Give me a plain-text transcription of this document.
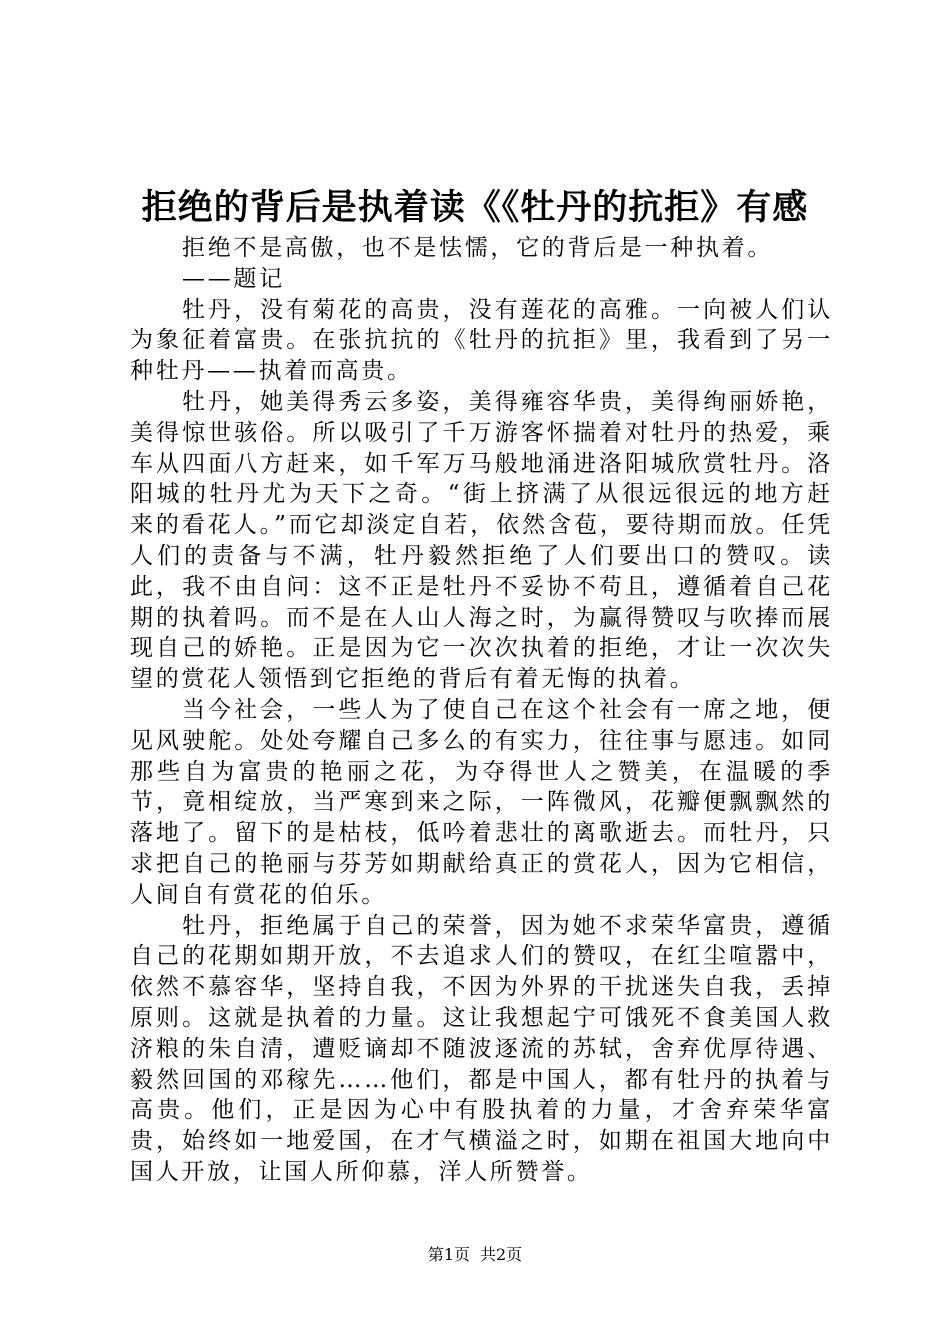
拒绝的背后是执着读《《牡丹的抗拒》有感

拒绝不是高傲，也不是怯懦，它的背后是一种执着。

——题记

牡丹，没有菊花的高贵，没有莲花的高雅。一向被人们认为象征着富贵。在张抗抗的《牡丹的抗拒》里，我看到了另一种牡丹——执着而高贵。

牡丹，她美得秀云多姿，美得雍容华贵，美得绚丽娇艳，美得惊世骇俗。所以吸引了千万游客怀揣着对牡丹的热爱，乘车从四面八方赶来，如千军万马般地涌进洛阳城欣赏牡丹。洛阳城的牡丹尤为天下之奇。“街上挤满了从很远很远的地方赶来的看花人。”而它却淡定自若，依然含苞，要待期而放。任凭人们的责备与不满，牡丹毅然拒绝了人们要出口的赞叹。读此，我不由自问：这不正是牡丹不妥协不苟且，遵循着自己花期的执着吗。而不是在人山人海之时，为赢得赞叹与吹捧而展现自己的娇艳。正是因为它一次次执着的拒绝，才让一次次失望的赏花人领悟到它拒绝的背后有着无悔的执着。

当今社会，一些人为了使自己在这个社会有一席之地，便见风驶舵。处处夸耀自己多么的有实力，往往事与愿违。如同那些自为富贵的艳丽之花，为夺得世人之赞美，在温暖的季节，竟相绽放，当严寒到来之际，一阵微风，花瓣便飘飘然的落地了。留下的是枯枝，低吟着悲壮的离歌逝去。而牡丹，只求把自己的艳丽与芬芳如期献给真正的赏花人，因为它相信，人间自有赏花的伯乐。

牡丹，拒绝属于自己的荣誉，因为她不求荣华富贵，遵循自己的花期如期开放，不去追求人们的赞叹，在红尘喧嚣中，依然不慕容华，坚持自我，不因为外界的干扰迷失自我，丢掉原则。这就是执着的力量。这让我想起宁可饿死不食美国人救济粮的朱自清，遭贬谪却不随波逐流的苏轼，舍弃优厚待遇、毅然回国的邓稼先……他们，都是中国人，都有牡丹的执着与高贵。他们，正是因为心中有股执着的力量，才舍弃荣华富贵，始终如一地爱国，在才气横溢之时，如期在祖国大地向中国人开放，让国人所仰慕，洋人所赞誉。

第1页 共2页
